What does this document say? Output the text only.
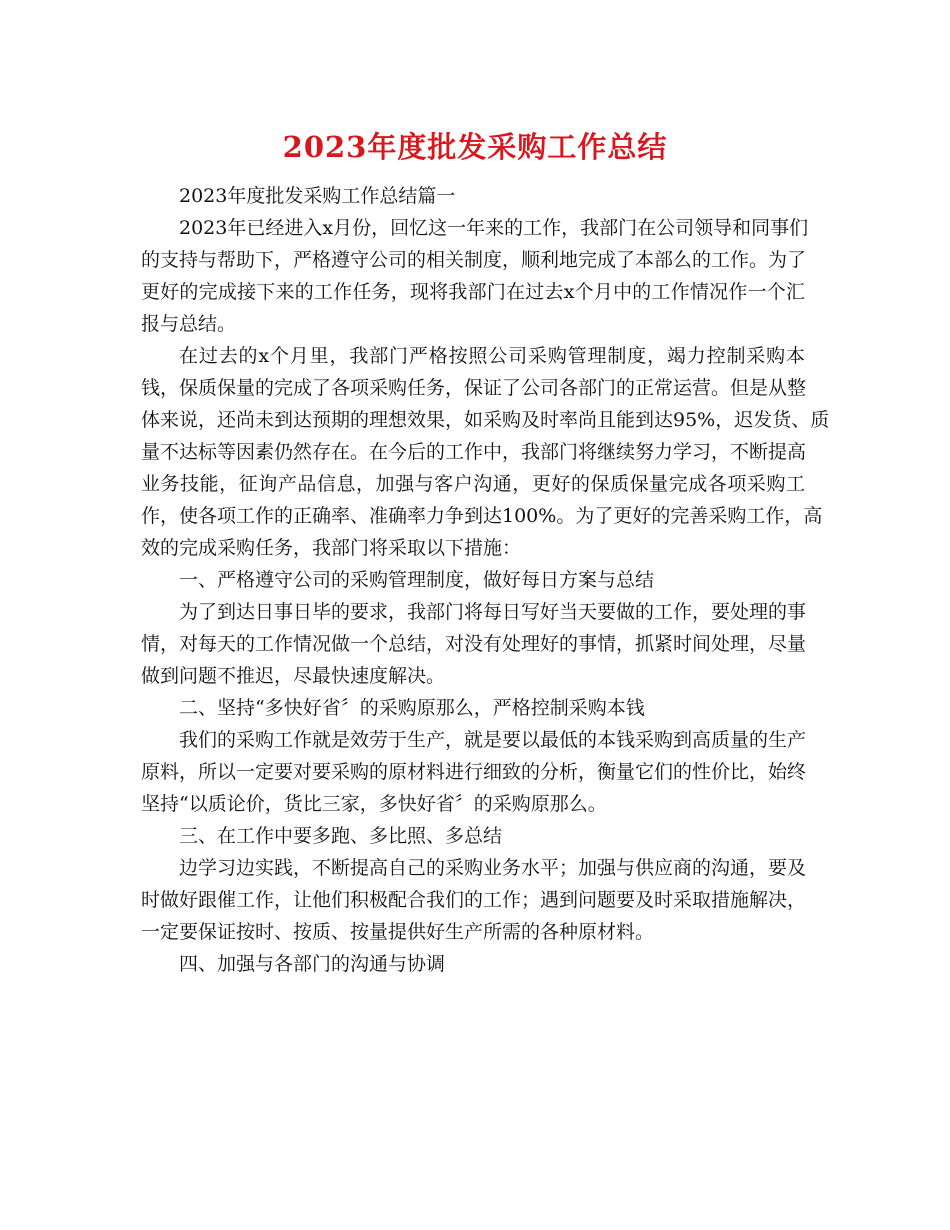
2023年度批发采购工作总结
2023年度批发采购工作总结篇一
2023年已经进入x月份，回忆这一年来的工作，我部门在公司领导和同事们
的支持与帮助下，严格遵守公司的相关制度，顺利地完成了本部么的工作。为了
更好的完成接下来的工作任务，现将我部门在过去x个月中的工作情况作一个汇
报与总结。
在过去的x个月里，我部门严格按照公司采购管理制度，竭力控制采购本
钱，保质保量的完成了各项采购任务，保证了公司各部门的正常运营。但是从整
体来说，还尚未到达预期的理想效果，如采购及时率尚且能到达95%，迟发货、质
量不达标等因素仍然存在。在今后的工作中，我部门将继续努力学习，不断提高
业务技能，征询产品信息，加强与客户沟通，更好的保质保量完成各项采购工
作，使各项工作的正确率、准确率力争到达100%。为了更好的完善采购工作，高
效的完成采购任务，我部门将采取以下措施：
一、严格遵守公司的采购管理制度，做好每日方案与总结
为了到达日事日毕的要求，我部门将每日写好当天要做的工作，要处理的事
情，对每天的工作情况做一个总结，对没有处理好的事情，抓紧时间处理，尽量
做到问题不推迟，尽最快速度解决。
二、坚持“多快好省〞的采购原那么，严格控制采购本钱
我们的采购工作就是效劳于生产，就是要以最低的本钱采购到高质量的生产
原料，所以一定要对要采购的原材料进行细致的分析，衡量它们的性价比，始终
坚持“以质论价，货比三家，多快好省〞的采购原那么。
三、在工作中要多跑、多比照、多总结
边学习边实践，不断提高自己的采购业务水平；加强与供应商的沟通，要及
时做好跟催工作，让他们积极配合我们的工作；遇到问题要及时采取措施解决，
一定要保证按时、按质、按量提供好生产所需的各种原材料。
四、加强与各部门的沟通与协调
